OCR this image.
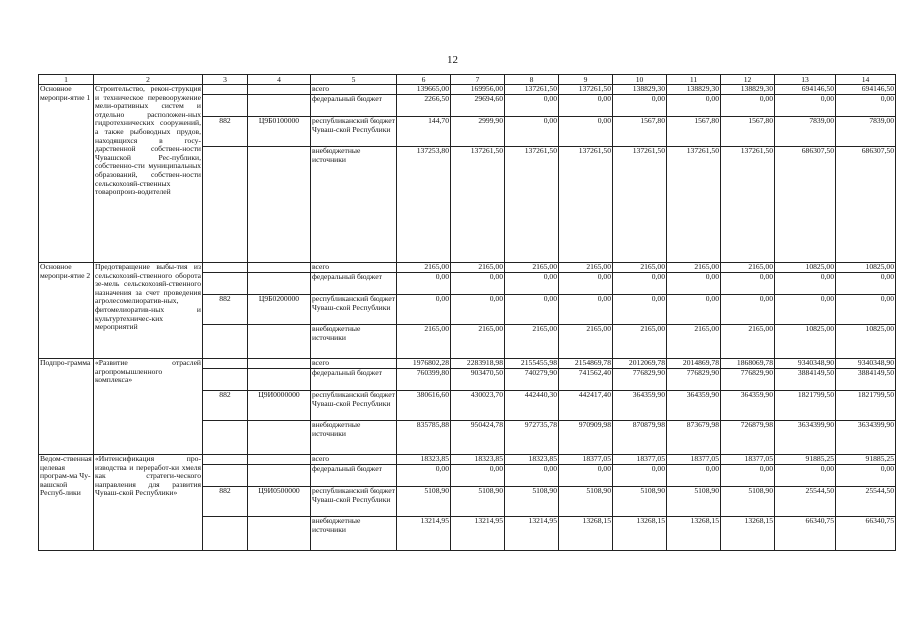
12
1	2	3	4	5	6	7	8	9	10	11	12	13	14
Основное меропри-ятие 1	Строительство, рекон-струкция и техническое перевооружение мели-оративных систем и отдельно расположен-ных гидротехнических сооружений, а также рыбоводных прудов, находящихся в госу-дарственной собствен-ности Чувашской Рес-публики, собственно-сти муниципальных образований, собствен-ности сельскохозяй-ственных товаропроиз-водителей			всего	139665,00	169956,00	137261,50	137261,50	138829,30	138829,30	138829,30	694146,50	694146,50
				федеральный бюджет	2266,50	29694,60	0,00	0,00	0,00	0,00	0,00	0,00	0,00
		882	Ц9Б0100000	республиканский бюджет Чуваш-ской Республики	144,70	2999,90	0,00	0,00	1567,80	1567,80	1567,80	7839,00	7839,00
				внебюджетные источники	137253,80	137261,50	137261,50	137261,50	137261,50	137261,50	137261,50	686307,50	686307,50
Основное меропри-ятие 2	Предотвращение выбы-тия из сельскохозяй-ственного оборота зе-мель сельскохозяй-ственного назначения за счет проведения агролесомелиоратив-ных, фитомелиоратив-ных и культуртехничес-ких мероприятий			всего	2165,00	2165,00	2165,00	2165,00	2165,00	2165,00	2165,00	10825,00	10825,00
				федеральный бюджет	0,00	0,00	0,00	0,00	0,00	0,00	0,00	0,00	0,00
		882	Ц9Б0200000	республиканский бюджет Чуваш-ской Республики	0,00	0,00	0,00	0,00	0,00	0,00	0,00	0,00	0,00
				внебюджетные источники	2165,00	2165,00	2165,00	2165,00	2165,00	2165,00	2165,00	10825,00	10825,00
Подпро-грамма	«Развитие отраслей агропромышленного комплекса»			всего	1976802,28	2283918,98	2155455,98	2154869,78	2012069,78	2014869,78	1868069,78	9340348,90	9340348,90
				федеральный бюджет	760399,80	903470,50	740279,90	741562,40	776829,90	776829,90	776829,90	3884149,50	3884149,50
		882	Ц9И0000000	республиканский бюджет Чуваш-ской Республики	380616,60	430023,70	442440,30	442417,40	364359,90	364359,90	364359,90	1821799,50	1821799,50
				внебюджетные источники	835785,88	950424,78	972735,78	970909,98	870879,98	873679,98	726879,98	3634399,90	3634399,90
Ведом-ственная целевая програм-ма Чу-вашской Респуб-лики	«Интенсификация про-изводства и переработ-ки хмеля как стратеги-ческого направления для развития Чуваш-ской Республики»			всего	18323,85	18323,85	18323,85	18377,05	18377,05	18377,05	18377,05	91885,25	91885,25
				федеральный бюджет	0,00	0,00	0,00	0,00	0,00	0,00	0,00	0,00	0,00
		882	Ц9И0500000	республиканский бюджет Чуваш-ской Республики	5108,90	5108,90	5108,90	5108,90	5108,90	5108,90	5108,90	25544,50	25544,50
				внебюджетные источники	13214,95	13214,95	13214,95	13268,15	13268,15	13268,15	13268,15	66340,75	66340,75
